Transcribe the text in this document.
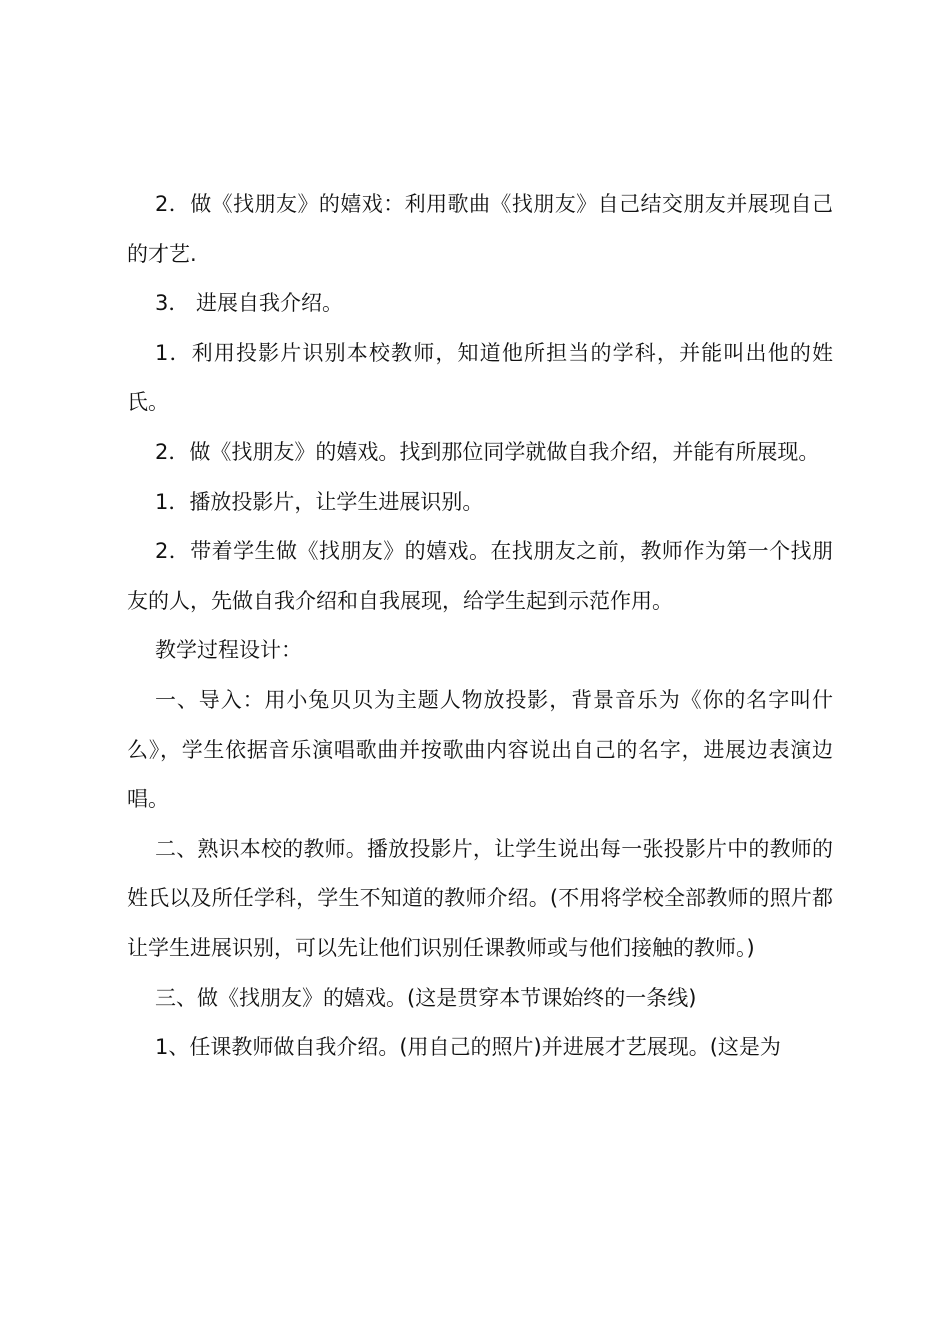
2．做《找朋友》的嬉戏：利用歌曲《找朋友》自己结交朋友并展现自己的才艺.

3． 进展自我介绍。

1．利用投影片识别本校教师，知道他所担当的学科，并能叫出他的姓氏。

2．做《找朋友》的嬉戏。找到那位同学就做自我介绍，并能有所展现。

1．播放投影片，让学生进展识别。

2．带着学生做《找朋友》的嬉戏。在找朋友之前，教师作为第一个找朋友的人，先做自我介绍和自我展现，给学生起到示范作用。

教学过程设计：

一、导入：用小兔贝贝为主题人物放投影，背景音乐为《你的名字叫什么》，学生依据音乐演唱歌曲并按歌曲内容说出自己的名字，进展边表演边唱。

二、熟识本校的教师。播放投影片，让学生说出每一张投影片中的教师的姓氏以及所任学科，学生不知道的教师介绍。(不用将学校全部教师的照片都让学生进展识别，可以先让他们识别任课教师或与他们接触的教师。)

三、做《找朋友》的嬉戏。(这是贯穿本节课始终的一条线)

1、任课教师做自我介绍。(用自己的照片)并进展才艺展现。(这是为
